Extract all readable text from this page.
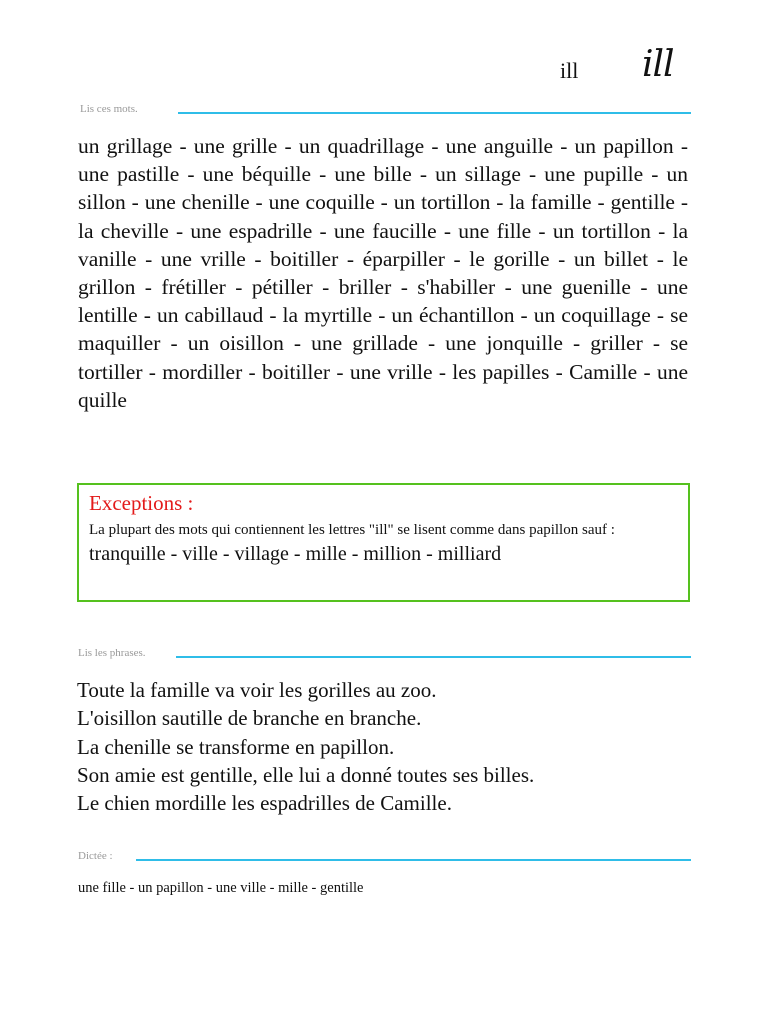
ill ill
Lis ces mots.
un grillage - une grille - un quadrillage - une anguille - un papillon - une pastille - une béquille - une bille - un sillage - une pupille - un sillon - une chenille - une coquille - un tortillon - la famille - gentille - la cheville - une espadrille - une faucille - une fille - un tortillon - la vanille - une vrille - boitiller - éparpiller - le gorille - un billet - le grillon - frétiller - pétiller - briller - s'habiller - une guenille - une lentille - un cabillaud - la myrtille - un échantillon - un coquillage - se maquiller - un oisillon - une grillade - une jonquille - griller - se tortiller - mordiller - boitiller - une vrille - les papilles - Camille - une quille
Exceptions :
La plupart des mots qui contiennent les lettres "ill" se lisent comme dans papillon sauf :
tranquille - ville - village - mille - million - milliard
Lis les phrases.
Toute la famille va voir les gorilles au zoo.
L'oisillon sautille de branche en branche.
La chenille se transforme en papillon.
Son amie est gentille, elle lui a donné toutes ses billes.
Le chien mordille les espadrilles de Camille.
Dictée :
une fille - un papillon - une ville - mille - gentille
